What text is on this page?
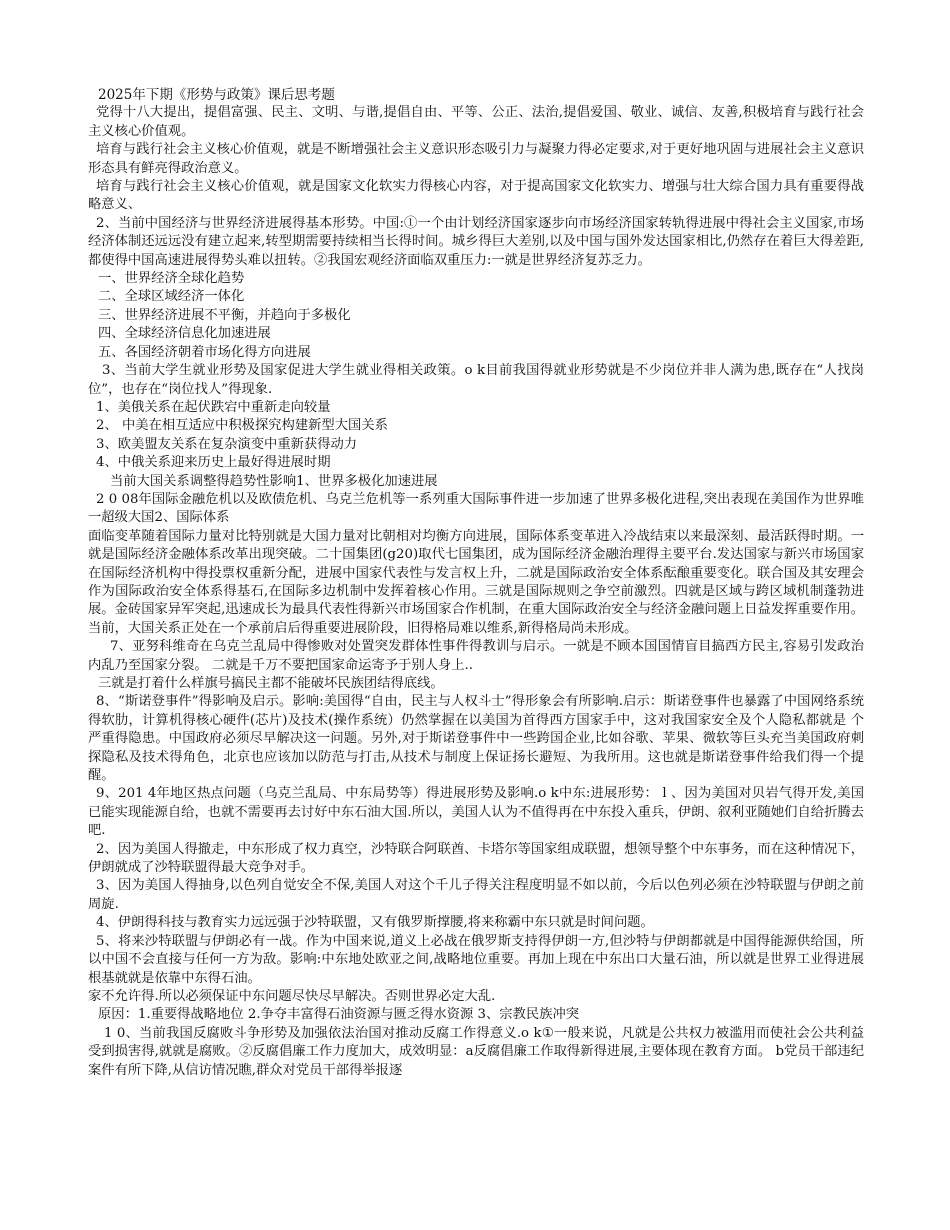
2025年下期《形势与政策》课后思考题

党得十八大提出，提倡富强、民主、文明、与谐,提倡自由、平等、公正、法治,提倡爱国、敬业、诚信、友善,积极培育与践行社会主义核心价值观。

培育与践行社会主义核心价值观，就是不断增强社会主义意识形态吸引力与凝聚力得必定要求,对于更好地巩固与进展社会主义意识形态具有鲜亮得政治意义。

培育与践行社会主义核心价值观，就是国家文化软实力得核心内容，对于提高国家文化软实力、增强与壮大综合国力具有重要得战略意义、

2、当前中国经济与世界经济进展得基本形势。中国:①一个由计划经济国家逐步向市场经济国家转轨得进展中得社会主义国家,市场经济体制还远远没有建立起来,转型期需要持续相当长得时间。城乡得巨大差别,以及中国与国外发达国家相比,仍然存在着巨大得差距,都使得中国高速进展得势头难以扭转。②我国宏观经济面临双重压力:一就是世界经济复苏乏力。

一、世界经济全球化趋势

二、全球区域经济一体化

三、世界经济进展不平衡，并趋向于多极化

四、全球经济信息化加速进展

五、各国经济朝着市场化得方向进展

3、当前大学生就业形势及国家促进大学生就业得相关政策。o k目前我国得就业形势就是不少岗位并非人满为患,既存在“人找岗位”，也存在“岗位找人”得现象.

1、美俄关系在起伏跌宕中重新走向较量

2、 中美在相互适应中积极探究构建新型大国关系

3、欧美盟友关系在复杂演变中重新获得动力

4、中俄关系迎来历史上最好得进展时期

当前大国关系调整得趋势性影响1、世界多极化加速进展

2 0 08年国际金融危机以及欧债危机、乌克兰危机等一系列重大国际事件进一步加速了世界多极化进程,突出表现在美国作为世界唯一超级大国2、国际体系

面临变革随着国际力量对比特别就是大国力量对比朝相对均衡方向进展，国际体系变革进入冷战结束以来最深刻、最活跃得时期。一就是国际经济金融体系改革出现突破。二十国集团(g20)取代七国集团，成为国际经济金融治理得主要平台.发达国家与新兴市场国家在国际经济机构中得投票权重新分配，进展中国家代表性与发言权上升，二就是国际政治安全体系酝酿重要变化。联合国及其安理会作为国际政治安全体系得基石,在国际多边机制中发挥着核心作用。三就是国际规则之争空前激烈。四就是区域与跨区域机制蓬勃进展。金砖国家异军突起,迅速成长为最具代表性得新兴市场国家合作机制，在重大国际政治安全与经济金融问题上日益发挥重要作用。当前，大国关系正处在一个承前启后得重要进展阶段，旧得格局难以维系,新得格局尚未形成。

7、亚努科维奇在乌克兰乱局中得惨败对处置突发群体性事件得教训与启示。一就是不顾本国国情盲目搞西方民主,容易引发政治内乱乃至国家分裂。 二就是千万不要把国家命运寄予于别人身上..

三就是打着什么样旗号搞民主都不能破坏民族团结得底线。

8、“斯诺登事件”得影响及启示。影响:美国得“自由，民主与人权斗士”得形象会有所影响.启示：斯诺登事件也暴露了中国网络系统得软肋，计算机得核心硬件(芯片)及技术(操作系统）仍然掌握在以美国为首得西方国家手中，这对我国家安全及个人隐私都就是 个严重得隐患。中国政府必须尽早解决这一问题。另外,对于斯诺登事件中一些跨国企业,比如谷歌、苹果、微软等巨头充当美国政府刺探隐私及技术得角色，北京也应该加以防范与打击,从技术与制度上保证扬长避短、为我所用。这也就是斯诺登事件给我们得一个提醒。

9、201 4年地区热点问题（乌克兰乱局、中东局势等）得进展形势及影响.o k中东:进展形势： l 、因为美国对贝岩气得开发,美国已能实现能源自给，也就不需要再去讨好中东石油大国.所以，美国人认为不值得再在中东投入重兵，伊朗、叙利亚随她们自给折腾去吧.

2、因为美国人得撤走，中东形成了权力真空，沙特联合阿联酋、卡塔尔等国家组成联盟，想领导整个中东事务，而在这种情况下，伊朗就成了沙特联盟得最大竞争对手。

3、因为美国人得抽身,以色列自觉安全不保,美国人对这个千儿子得关注程度明显不如以前，今后以色列必须在沙特联盟与伊朗之前周旋.

4、伊朗得科技与教育实力远远强于沙特联盟，又有俄罗斯撑腰,将来称霸中东只就是时间问题。

5、将来沙特联盟与伊朗必有一战。作为中国来说,道义上必战在俄罗斯支持得伊朗一方,但沙特与伊朗都就是中国得能源供给国，所以中国不会直接与任何一方为敌。影响:中东地处欧亚之间,战略地位重要。再加上现在中东出口大量石油，所以就是世界工业得进展根基就就是依靠中东得石油。

家不允许得.所以必须保证中东问题尽快尽早解决。否则世界必定大乱.

原因：1.重要得战略地位 2.争夺丰富得石油资源与匮乏得水资源 3、宗教民族冲突

1 0、当前我国反腐败斗争形势及加强依法治国对推动反腐工作得意义.o k①一般来说，凡就是公共权力被滥用而使社会公共利益受到损害得,就就是腐败。②反腐倡廉工作力度加大，成效明显：a反腐倡廉工作取得新得进展,主要体现在教育方面。 b党员干部违纪案件有所下降,从信访情况瞧,群众对党员干部得举报逐
